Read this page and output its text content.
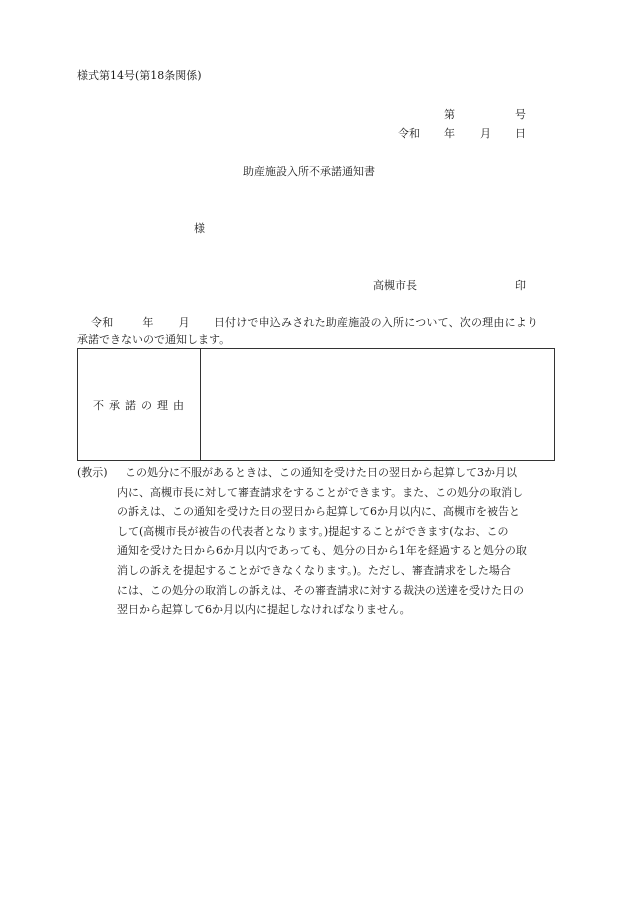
様式第14号(第18条関係)
第	号
令和 年 月 日
助産施設入所不承諾通知書
様
高槻市長	印
令和	年 月 日付けで申込みされた助産施設の入所について、次の理由により
承諾できないので通知します。
不承諾の理由
(教示) この処分に不服があるときは、この通知を受けた日の翌日から起算して3か月以
内に、高槻市長に対して審査請求をすることができます。また、この処分の取消し
の訴えは、この通知を受けた日の翌日から起算して6か月以内に、高槻市を被告と
して(高槻市長が被告の代表者となります。)提起することができます(なお、この
通知を受けた日から6か月以内であっても、処分の日から1年を経過すると処分の取
消しの訴えを提起することができなくなります。)。ただし、審査請求をした場合
には、この処分の取消しの訴えは、その審査請求に対する裁決の送達を受けた日の
翌日から起算して6か月以内に提起しなければなりません。
